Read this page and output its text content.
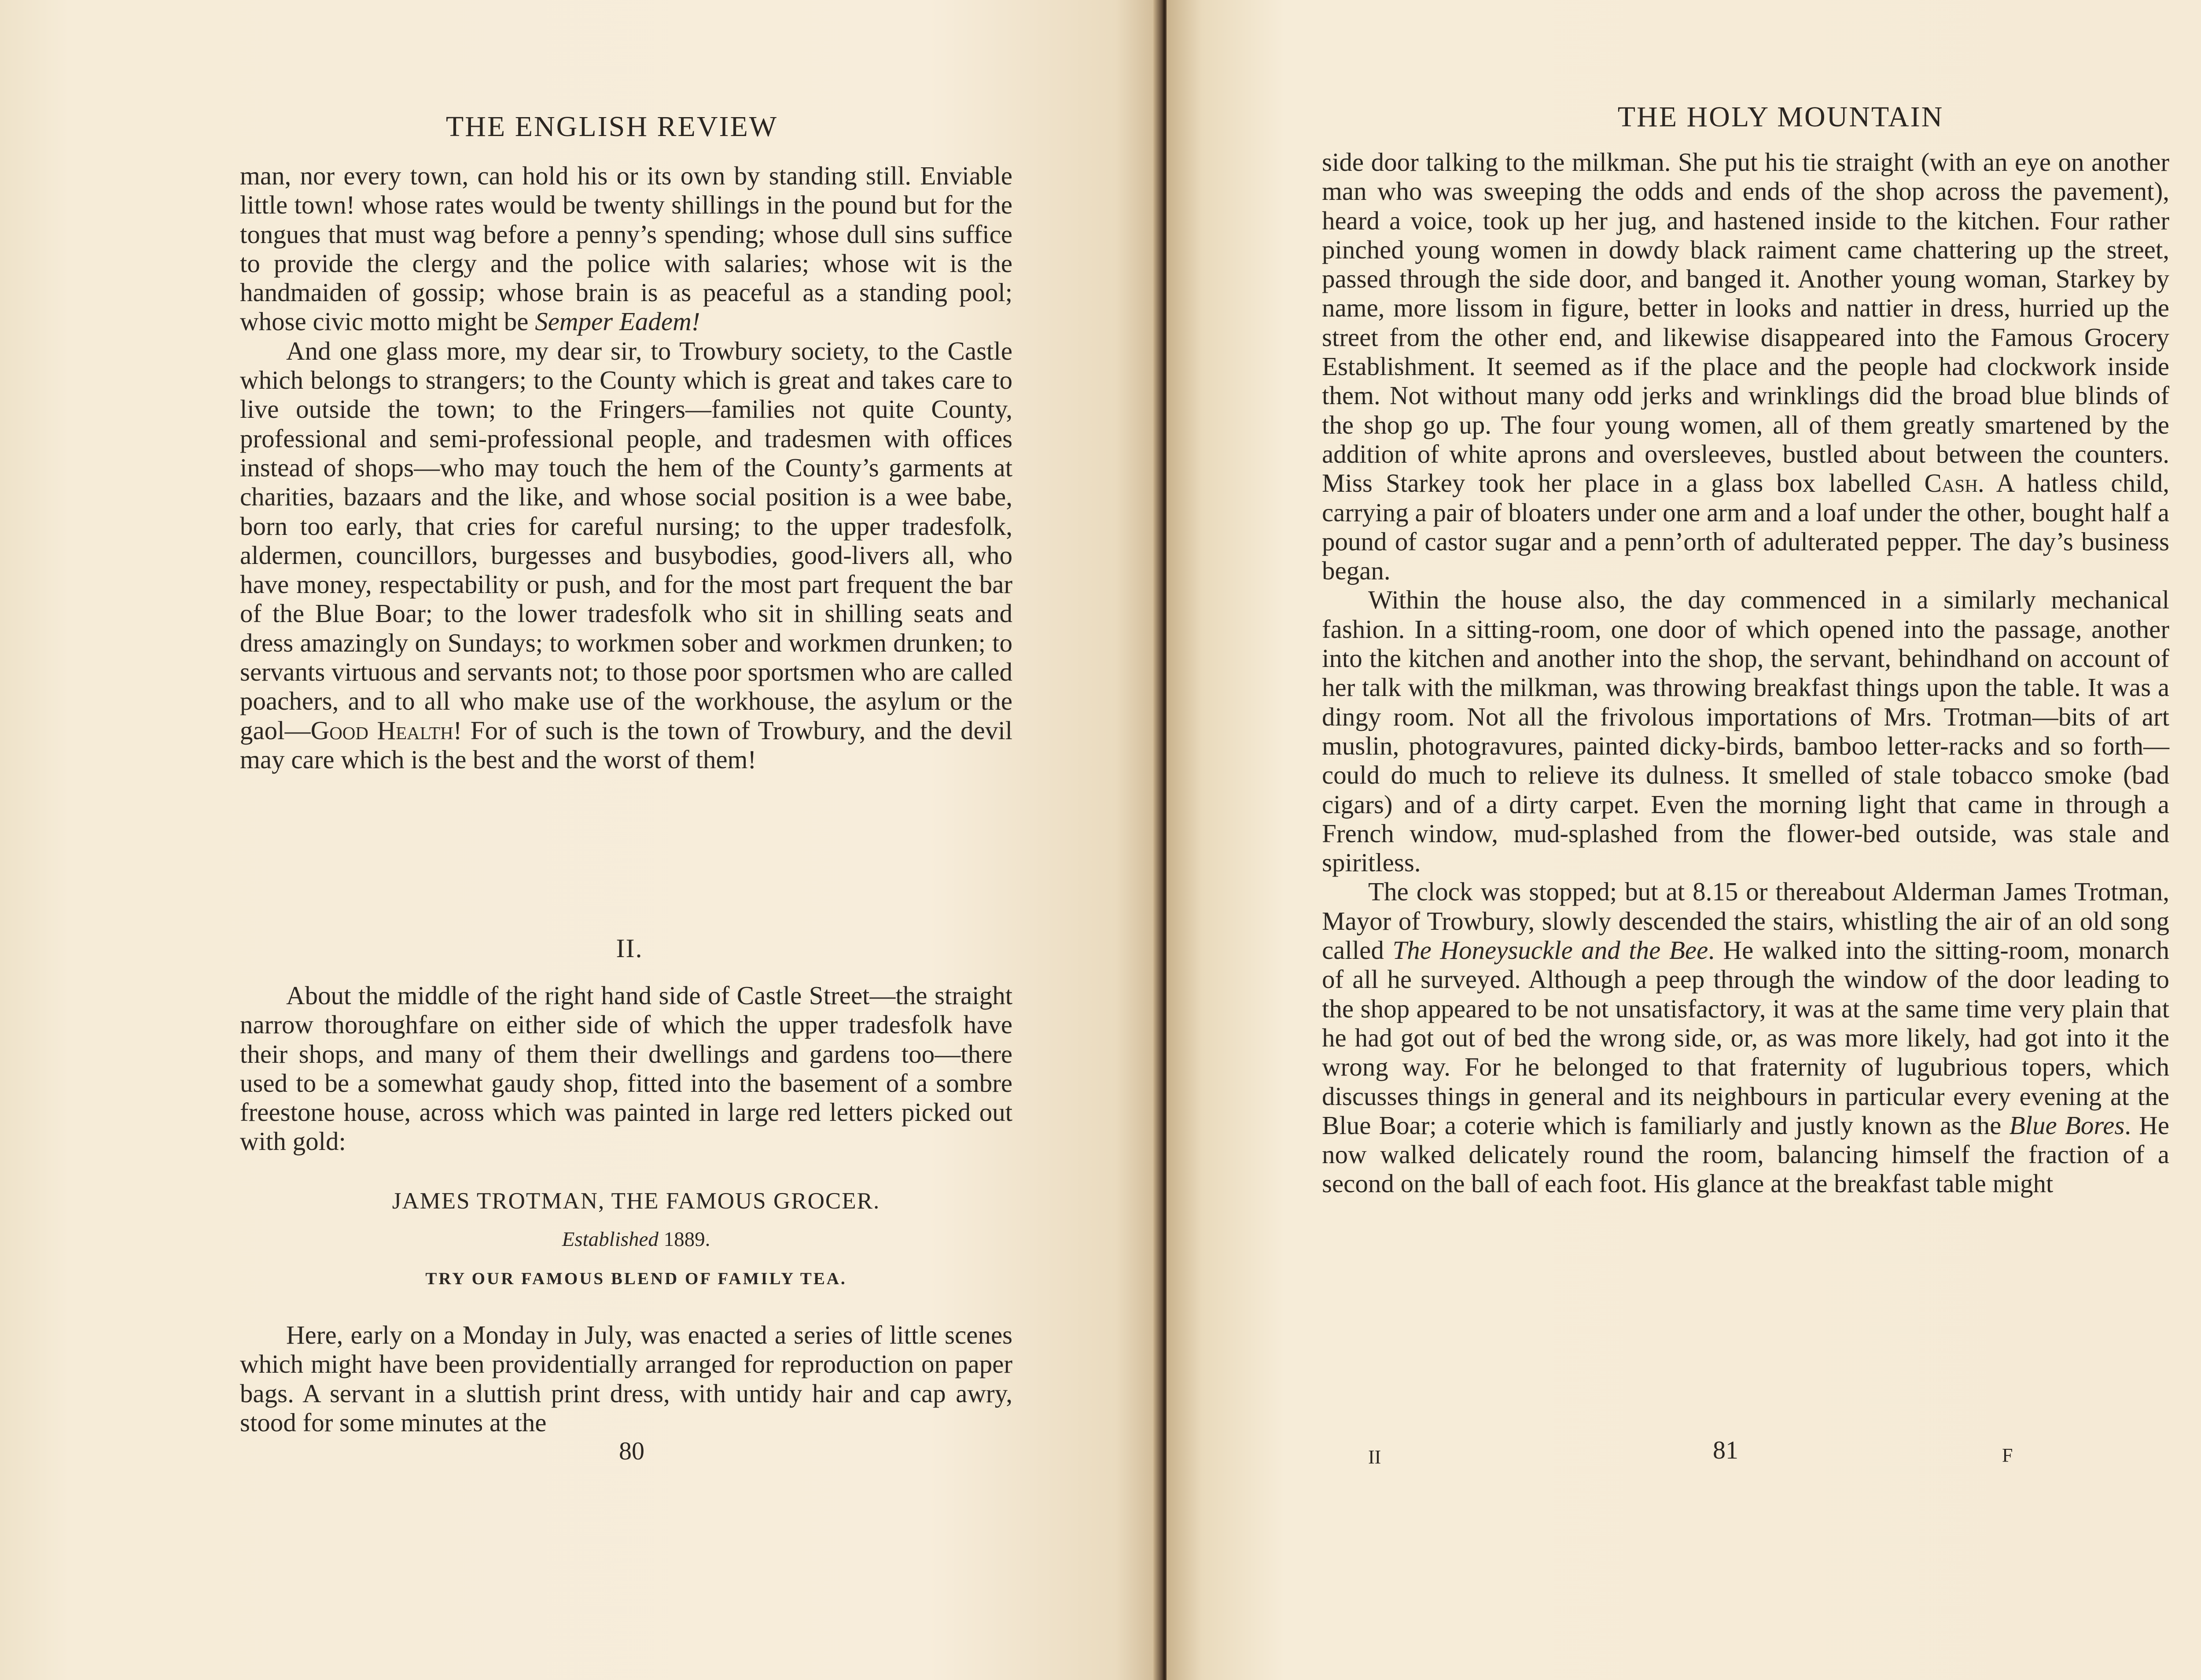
THE ENGLISH REVIEW

man, nor every town, can hold his or its own by standing still. Enviable little town! whose rates would be twenty shillings in the pound but for the tongues that must wag before a penny’s spending; whose dull sins suffice to provide the clergy and the police with salaries; whose wit is the handmaiden of gossip; whose brain is as peaceful as a standing pool; whose civic motto might be Semper Eadem!

And one glass more, my dear sir, to Trowbury society, to the Castle which belongs to strangers; to the County which is great and takes care to live outside the town; to the Fringers—families not quite County, professional and semi-professional people, and tradesmen with offices instead of shops—who may touch the hem of the County’s garments at charities, bazaars and the like, and whose social position is a wee babe, born too early, that cries for careful nursing; to the upper tradesfolk, aldermen, councillors, burgesses and busybodies, good-livers all, who have money, respectability or push, and for the most part frequent the bar of the Blue Boar; to the lower tradesfolk who sit in shilling seats and dress amazingly on Sundays; to workmen sober and workmen drunken; to servants virtuous and servants not; to those poor sportsmen who are called poachers, and to all who make use of the workhouse, the asylum or the gaol—Good Health! For of such is the town of Trowbury, and the devil may care which is the best and the worst of them!

II.

About the middle of the right hand side of Castle Street—the straight narrow thoroughfare on either side of which the upper tradesfolk have their shops, and many of them their dwellings and gardens too—there used to be a somewhat gaudy shop, fitted into the basement of a sombre freestone house, across which was painted in large red letters picked out with gold:

JAMES TROTMAN, THE FAMOUS GROCER.
Established 1889.
TRY OUR FAMOUS BLEND OF FAMILY TEA.

Here, early on a Monday in July, was enacted a series of little scenes which might have been providentially arranged for reproduction on paper bags. A servant in a sluttish print dress, with untidy hair and cap awry, stood for some minutes at the

80
THE HOLY MOUNTAIN

side door talking to the milkman. She put his tie straight (with an eye on another man who was sweeping the odds and ends of the shop across the pavement), heard a voice, took up her jug, and hastened inside to the kitchen. Four rather pinched young women in dowdy black raiment came chattering up the street, passed through the side door, and banged it. Another young woman, Starkey by name, more lissom in figure, better in looks and nattier in dress, hurried up the street from the other end, and likewise disappeared into the Famous Grocery Establishment. It seemed as if the place and the people had clockwork inside them. Not without many odd jerks and wrinklings did the broad blue blinds of the shop go up. The four young women, all of them greatly smartened by the addition of white aprons and oversleeves, bustled about between the counters. Miss Starkey took her place in a glass box labelled Cash. A hatless child, carrying a pair of bloaters under one arm and a loaf under the other, bought half a pound of castor sugar and a penn’orth of adulterated pepper. The day’s business began.

Within the house also, the day commenced in a similarly mechanical fashion. In a sitting-room, one door of which opened into the passage, another into the kitchen and another into the shop, the servant, behindhand on account of her talk with the milkman, was throwing breakfast things upon the table. It was a dingy room. Not all the frivolous importations of Mrs. Trotman—bits of art muslin, photogravures, painted dicky-birds, bamboo letter-racks and so forth—could do much to relieve its dulness. It smelled of stale tobacco smoke (bad cigars) and of a dirty carpet. Even the morning light that came in through a French window, mud-splashed from the flower-bed outside, was stale and spiritless.

The clock was stopped; but at 8.15 or thereabout Alderman James Trotman, Mayor of Trowbury, slowly descended the stairs, whistling the air of an old song called The Honeysuckle and the Bee. He walked into the sitting-room, monarch of all he surveyed. Although a peep through the window of the door leading to the shop appeared to be not unsatisfactory, it was at the same time very plain that he had got out of bed the wrong side, or, as was more likely, had got into it the wrong way. For he belonged to that fraternity of lugubrious topers, which discusses things in general and its neighbours in particular every evening at the Blue Boar; a coterie which is familiarly and justly known as the Blue Bores. He now walked delicately round the room, balancing himself the fraction of a second on the ball of each foot. His glance at the breakfast table might

II	81	F
